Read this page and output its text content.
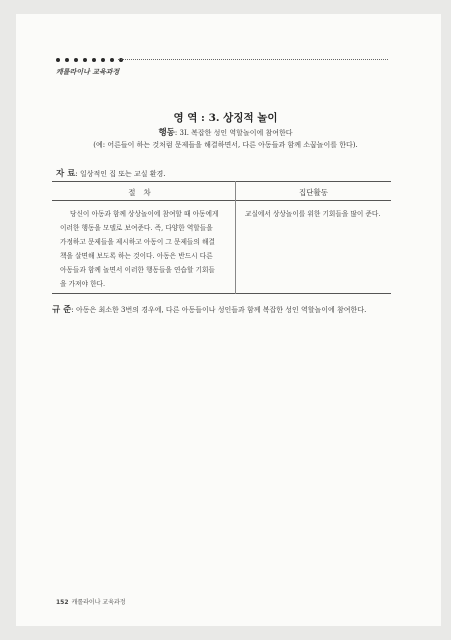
캐롤라이나 교육과정
영 역 : 3. 상징적 놀이
행동: 3I. 복잡한 성인 역할놀이에 참여한다
(예: 어른들이 하는 것처럼 문제들을 해결하면서, 다른 아동들과 함께 소꿉놀이를 한다).
자 료: 일상적인 집 또는 교실 환경.
절차	집단활동
당신이 아동과 함께 상상놀이에 참여할 때 아동에게
이러한 행동을 모델로 보여준다. 즉, 다양한 역할들을
가정하고 문제들을 제시하고 아동이 그 문제들의 해결
책을 살면해 보도록 하는 것이다. 아동은 반드시 다른
아동들과 함께 놀면서 이러한 행동들을 연습할 기회들
을 가져야 한다.
교실에서 상상놀이를 위한 기회들을 많이 준다.
규 준: 아동은 최소한 3번의 경우에, 다른 아동들이나 성인들과 함께 복잡한 성인 역할놀이에 참여한다.
152 캐롤라이나 교육과정
